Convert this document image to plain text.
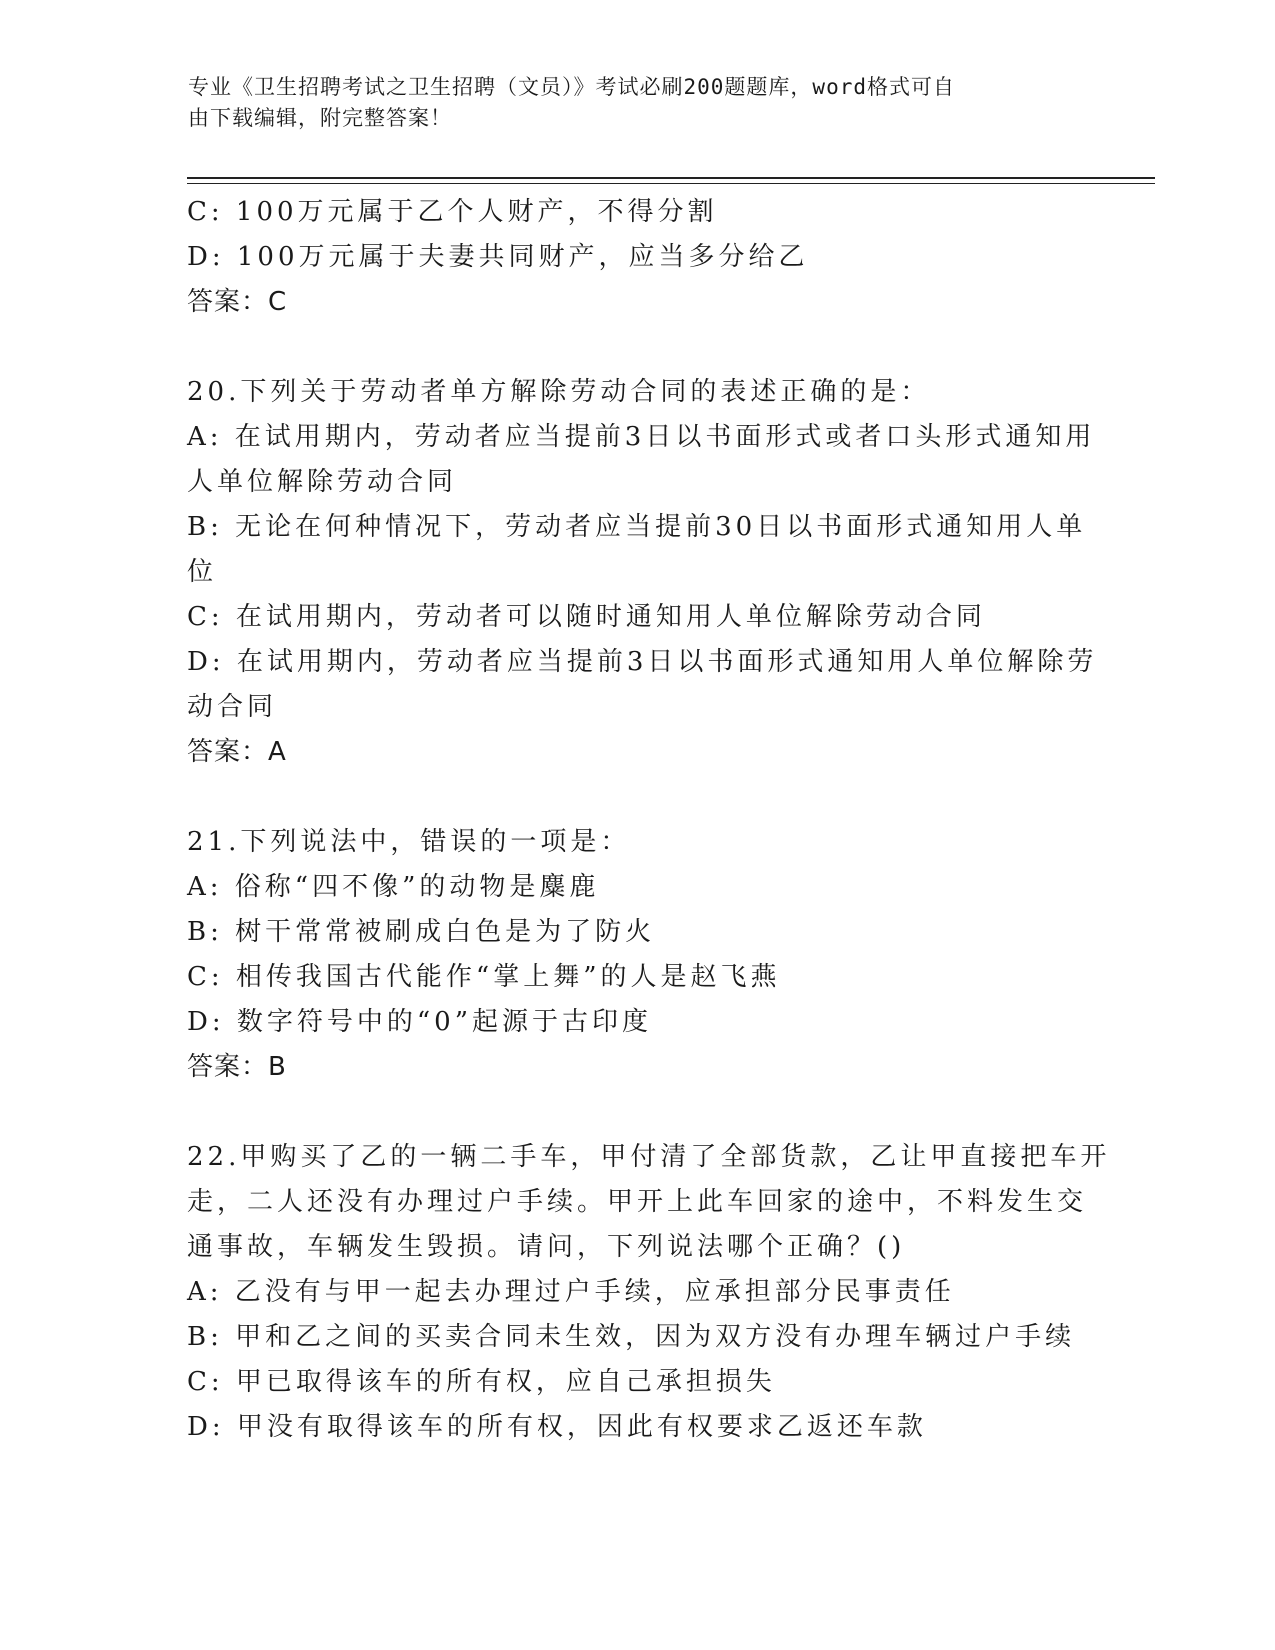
专业《卫生招聘考试之卫生招聘（文员）》考试必刷200题题库，word格式可自
由下载编辑，附完整答案！
C: 100万元属于乙个人财产，不得分割
D: 100万元属于夫妻共同财产，应当多分给乙
答案：C
20.下列关于劳动者单方解除劳动合同的表述正确的是：
A: 在试用期内，劳动者应当提前3日以书面形式或者口头形式通知用
人单位解除劳动合同
B: 无论在何种情况下，劳动者应当提前30日以书面形式通知用人单
位
C: 在试用期内，劳动者可以随时通知用人单位解除劳动合同
D: 在试用期内，劳动者应当提前3日以书面形式通知用人单位解除劳
动合同
答案：A
21.下列说法中，错误的一项是：
A: 俗称“四不像”的动物是麋鹿
B: 树干常常被刷成白色是为了防火
C: 相传我国古代能作“掌上舞”的人是赵飞燕
D: 数字符号中的“0”起源于古印度
答案：B
22.甲购买了乙的一辆二手车，甲付清了全部货款，乙让甲直接把车开
走，二人还没有办理过户手续。甲开上此车回家的途中，不料发生交
通事故，车辆发生毁损。请问，下列说法哪个正确？()
A: 乙没有与甲一起去办理过户手续，应承担部分民事责任
B: 甲和乙之间的买卖合同未生效，因为双方没有办理车辆过户手续
C: 甲已取得该车的所有权，应自己承担损失
D: 甲没有取得该车的所有权，因此有权要求乙返还车款
